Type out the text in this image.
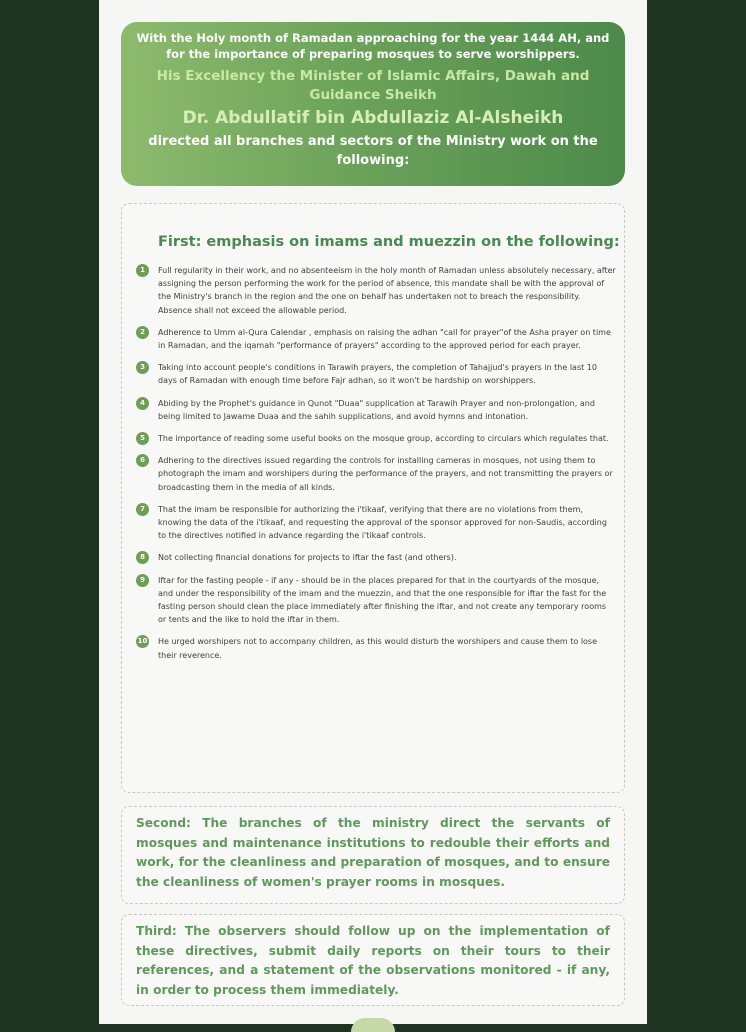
With the Holy month of Ramadan approaching for the year 1444 AH, and for the importance of preparing mosques to serve worshippers.
His Excellency the Minister of Islamic Affairs, Dawah and Guidance Sheikh
Dr. Abdullatif bin Abdullaziz Al-Alsheikh
directed all branches and sectors of the Ministry work on the following:
First: emphasis on imams and muezzin on the following:
1	Full regularity in their work, and no absenteeism in the holy month of Ramadan unless absolutely necessary, after assigning the person performing the work for the period of absence, this mandate shall be with the approval of the Ministry's branch in the region and the one on behalf has undertaken not to breach the responsibility. Absence shall not exceed the allowable period.
2	Adherence to Umm al-Qura Calendar , emphasis on raising the adhan "call for prayer"of the Asha prayer on time in Ramadan, and the iqamah "performance of prayers" according to the approved period for each prayer.
3	Taking into account people's conditions in Tarawih prayers, the completion of Tahajjud's prayers in the last 10 days of Ramadan with enough time before Fajr adhan, so it won't be hardship on worshippers.
4	Abiding by the Prophet's guidance in Qunot "Duaa" supplication at Tarawih Prayer and non-prolongation, and being limited to Jawame Duaa and the sahih supplications, and avoid hymns and intonation.
5	The importance of reading some useful books on the mosque group, according to circulars which regulates that.
6	Adhering to the directives issued regarding the controls for installing cameras in mosques, not using them to photograph the imam and worshipers during the performance of the prayers, and not transmitting the prayers or broadcasting them in the media of all kinds.
7	That the imam be responsible for authorizing the i'tikaaf, verifying that there are no violations from them, knowing the data of the i'tikaaf, and requesting the approval of the sponsor approved for non-Saudis, according to the directives notified in advance regarding the i'tikaaf controls.
8	Not collecting financial donations for projects to iftar the fast (and others).
9	Iftar for the fasting people - if any - should be in the places prepared for that in the courtyards of the mosque, and under the responsibility of the imam and the muezzin, and that the one responsible for iftar the fast for the fasting person should clean the place immediately after finishing the iftar, and not create any temporary rooms or tents and the like to hold the iftar in them.
10 He urged worshipers not to accompany children, as this would disturb the worshipers and cause them to lose their reverence.
Second: The branches of the ministry direct the servants of mosques and maintenance institutions to redouble their efforts and work, for the cleanliness and preparation of mosques, and to ensure the cleanliness of women's prayer rooms in mosques.
Third: The observers should follow up on the implementation of these directives, submit daily reports on their tours to their references, and a statement of the observations monitored - if any, in order to process them immediately.
